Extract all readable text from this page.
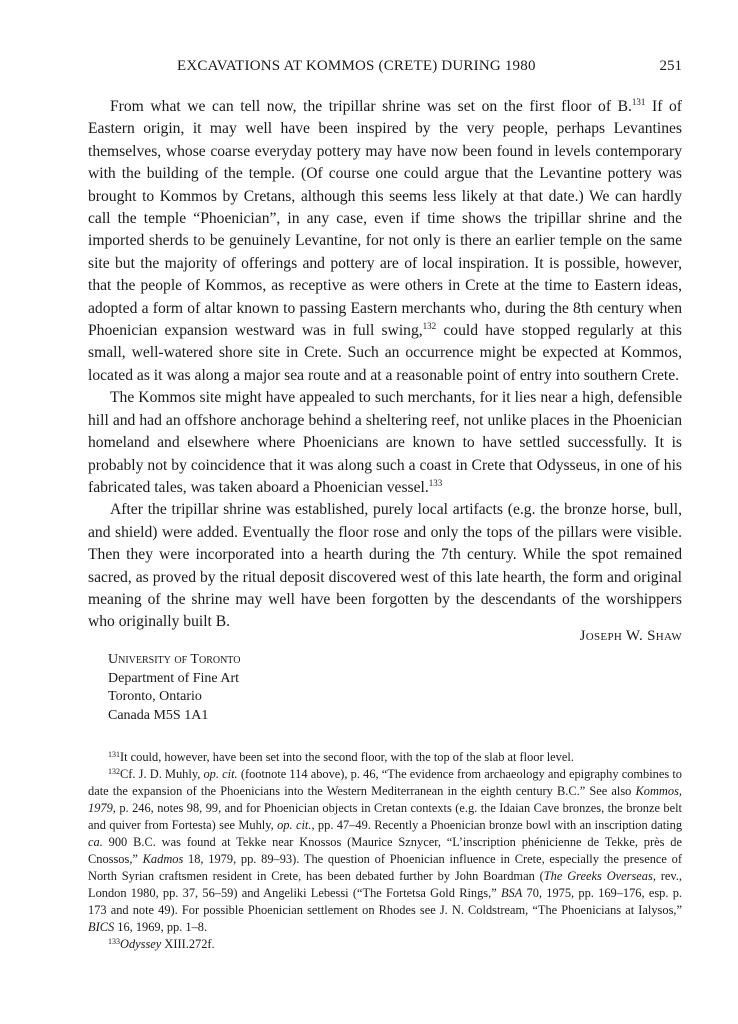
EXCAVATIONS AT KOMMOS (CRETE) DURING 1980	251

From what we can tell now, the tripillar shrine was set on the first floor of B.$^{131}$ If of Eastern origin, it may well have been inspired by the very people, perhaps Levantines themselves, whose coarse everyday pottery may have now been found in levels contemporary with the building of the temple. (Of course one could argue that the Levantine pottery was brought to Kommos by Cretans, although this seems less likely at that date.) We can hardly call the temple “Phoenician”, in any case, even if time shows the tripillar shrine and the imported sherds to be genuinely Levantine, for not only is there an earlier temple on the same site but the majority of offerings and pottery are of local inspiration. It is possible, however, that the people of Kommos, as receptive as were others in Crete at the time to Eastern ideas, adopted a form of altar known to passing Eastern merchants who, during the 8th century when Phoenician expansion westward was in full swing,$^{132}$ could have stopped regularly at this small, well-watered shore site in Crete. Such an occurrence might be expected at Kommos, located as it was along a major sea route and at a reasonable point of entry into southern Crete.

The Kommos site might have appealed to such merchants, for it lies near a high, defensible hill and had an offshore anchorage behind a sheltering reef, not unlike places in the Phoenician homeland and elsewhere where Phoenicians are known to have settled successfully. It is probably not by coincidence that it was along such a coast in Crete that Odysseus, in one of his fabricated tales, was taken aboard a Phoenician vessel.$^{133}$

After the tripillar shrine was established, purely local artifacts (e.g. the bronze horse, bull, and shield) were added. Eventually the floor rose and only the tops of the pillars were visible. Then they were incorporated into a hearth during the 7th century. While the spot remained sacred, as proved by the ritual deposit discovered west of this late hearth, the form and original meaning of the shrine may well have been forgotten by the descendants of the worshippers who originally built B.

Joseph W. Shaw
University of Toronto
Department of Fine Art
Toronto, Ontario
Canada M5S 1A1

$^{131}$It could, however, have been set into the second floor, with the top of the slab at floor level.

$^{132}$Cf. J. D. Muhly, op. cit. (footnote 114 above), p. 46, “The evidence from archaeology and epigraphy combines to date the expansion of the Phoenicians into the Western Mediterranean in the eighth century B.C.” See also Kommos, 1979, p. 246, notes 98, 99, and for Phoenician objects in Cretan contexts (e.g. the Idaian Cave bronzes, the bronze belt and quiver from Fortesta) see Muhly, op. cit., pp. 47–49. Recently a Phoenician bronze bowl with an inscription dating ca. 900 B.C. was found at Tekke near Knossos (Maurice Sznycer, “L’inscription phénicienne de Tekke, près de Cnossos,” Kadmos 18, 1979, pp. 89–93). The question of Phoenician influence in Crete, especially the presence of North Syrian craftsmen resident in Crete, has been debated further by John Boardman (The Greeks Overseas, rev., London 1980, pp. 37, 56–59) and Angeliki Lebessi (“The Fortetsa Gold Rings,” BSA 70, 1975, pp. 169–176, esp. p. 173 and note 49). For possible Phoenician settlement on Rhodes see J. N. Coldstream, “The Phoenicians at Ialysos,” BICS 16, 1969, pp. 1–8.

$^{133}$Odyssey XIII.272f.
